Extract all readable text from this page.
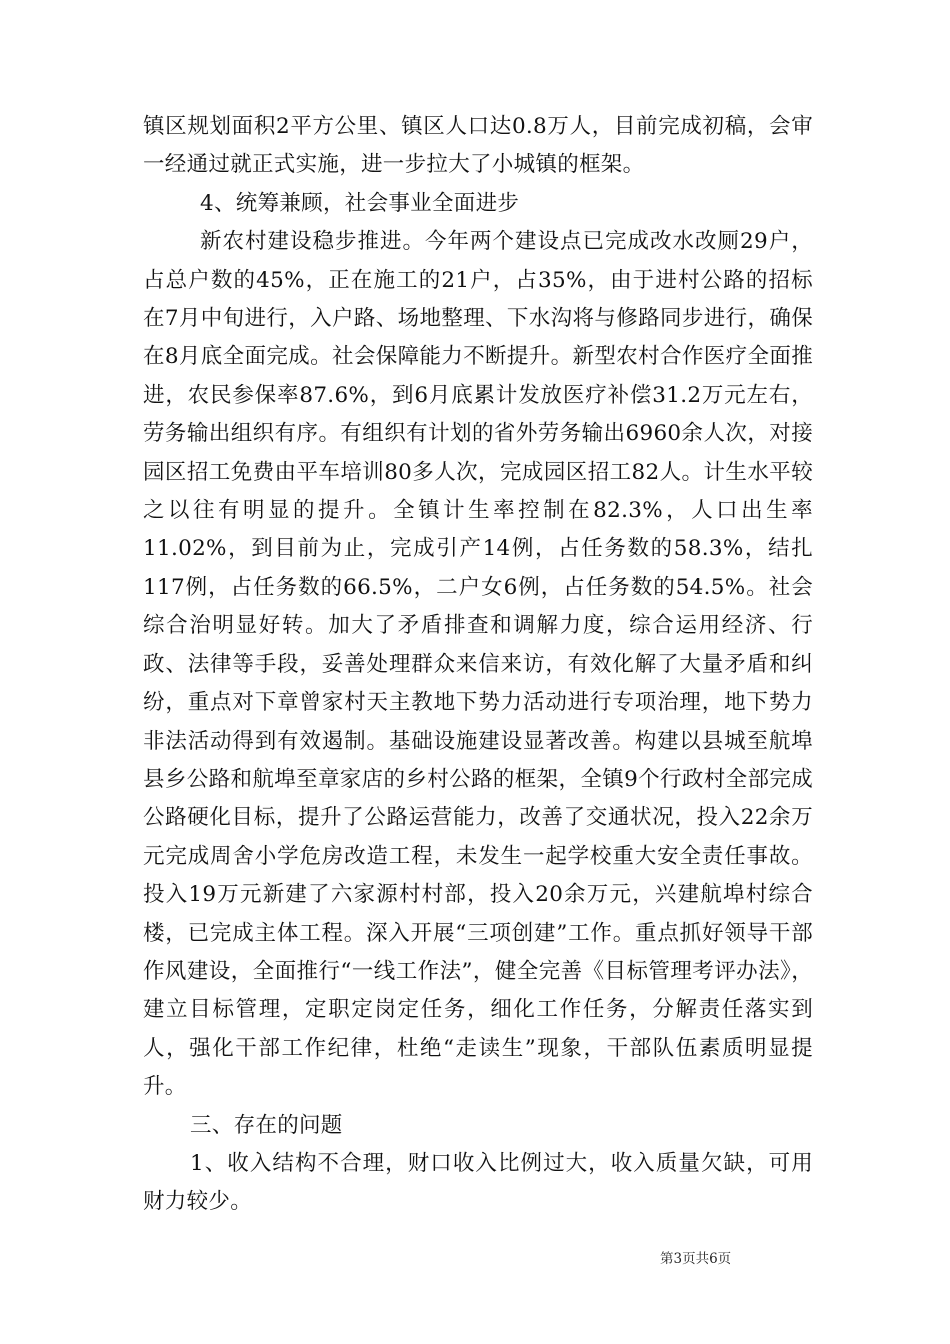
镇区规划面积2平方公里、镇区人口达0.8万人，目前完成初稿，会审一经通过就正式实施，进一步拉大了小城镇的框架。

4、统筹兼顾，社会事业全面进步

新农村建设稳步推进。今年两个建设点已完成改水改厕29户，占总户数的45%，正在施工的21户，占35%，由于进村公路的招标在7月中旬进行，入户路、场地整理、下水沟将与修路同步进行，确保在8月底全面完成。社会保障能力不断提升。新型农村合作医疗全面推进，农民参保率87.6%，到6月底累计发放医疗补偿31.2万元左右，劳务输出组织有序。有组织有计划的省外劳务输出6960余人次，对接园区招工免费由平车培训80多人次，完成园区招工82人。计生水平较之以往有明显的提升。全镇计生率控制在82.3%，人口出生率11.02%，到目前为止，完成引产14例，占任务数的58.3%，结扎117例，占任务数的66.5%，二户女6例，占任务数的54.5%。社会综合治明显好转。加大了矛盾排查和调解力度，综合运用经济、行政、法律等手段，妥善处理群众来信来访，有效化解了大量矛盾和纠纷，重点对下章曾家村天主教地下势力活动进行专项治理，地下势力非法活动得到有效遏制。基础设施建设显著改善。构建以县城至航埠县乡公路和航埠至章家店的乡村公路的框架，全镇9个行政村全部完成公路硬化目标，提升了公路运营能力，改善了交通状况，投入22余万元完成周舍小学危房改造工程，未发生一起学校重大安全责任事故。投入19万元新建了六家源村村部，投入20余万元，兴建航埠村综合楼，已完成主体工程。深入开展“三项创建”工作。重点抓好领导干部作风建设，全面推行“一线工作法”，健全完善《目标管理考评办法》，建立目标管理，定职定岗定任务，细化工作任务，分解责任落实到人，强化干部工作纪律，杜绝“走读生”现象，干部队伍素质明显提升。

三、存在的问题

1、收入结构不合理，财口收入比例过大，收入质量欠缺，可用财力较少。

第3页共6页
